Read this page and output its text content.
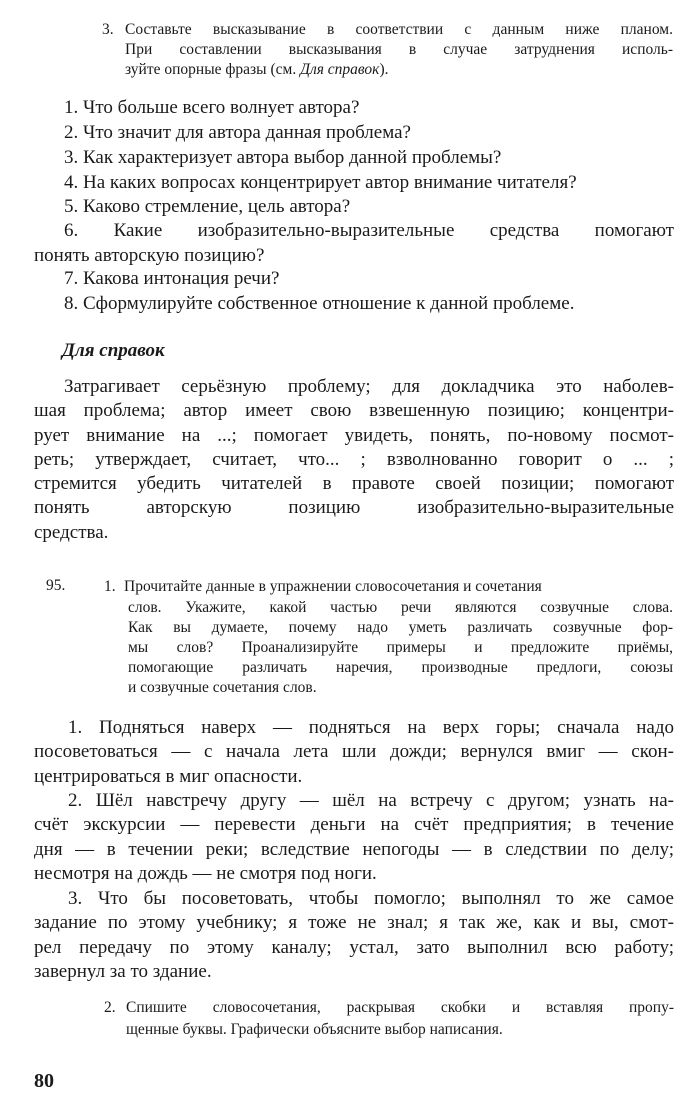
3. Составьте высказывание в соответствии с данным ниже планом.
При составлении высказывания в случае затруднения исполь-
зуйте опорные фразы (см. Для справок).
1. Что больше всего волнует автора?
2. Что значит для автора данная проблема?
3. Как характеризует автора выбор данной проблемы?
4. На каких вопросах концентрирует автор внимание читателя?
5. Каково стремление, цель автора?
6. Какие изобразительно-выразительные средства помогают
понять авторскую позицию?
7. Какова интонация речи?
8. Сформулируйте собственное отношение к данной проблеме.
Для справок
Затрагивает серьёзную проблему; для докладчика это наболев-
шая проблема; автор имеет свою взвешенную позицию; концентри-
рует внимание на ...; помогает увидеть, понять, по-новому посмот-
реть; утверждает, считает, что... ; взволнованно говорит о ... ;
стремится убедить читателей в правоте своей позиции; помогают
понять авторскую позицию изобразительно-выразительные
средства.
95. 1. Прочитайте данные в упражнении словосочетания и сочетания
слов. Укажите, какой частью речи являются созвучные слова.
Как вы думаете, почему надо уметь различать созвучные фор-
мы слов? Проанализируйте примеры и предложите приёмы,
помогающие различать наречия, производные предлоги, союзы
и созвучные сочетания слов.
1. Подняться наверх — подняться на верх горы; сначала надо
посоветоваться — с начала лета шли дожди; вернулся вмиг — скон-
центрироваться в миг опасности.
2. Шёл навстречу другу — шёл на встречу с другом; узнать на-
счёт экскурсии — перевести деньги на счёт предприятия; в течение
дня — в течении реки; вследствие непогоды — в следствии по делу;
несмотря на дождь — не смотря под ноги.
3. Что бы посоветовать, чтобы помогло; выполнял то же самое
задание по этому учебнику; я тоже не знал; я так же, как и вы, смот-
рел передачу по этому каналу; устал, зато выполнил всю работу;
завернул за то здание.
2. Спишите словосочетания, раскрывая скобки и вставляя пропу-
щенные буквы. Графически объясните выбор написания.
80
